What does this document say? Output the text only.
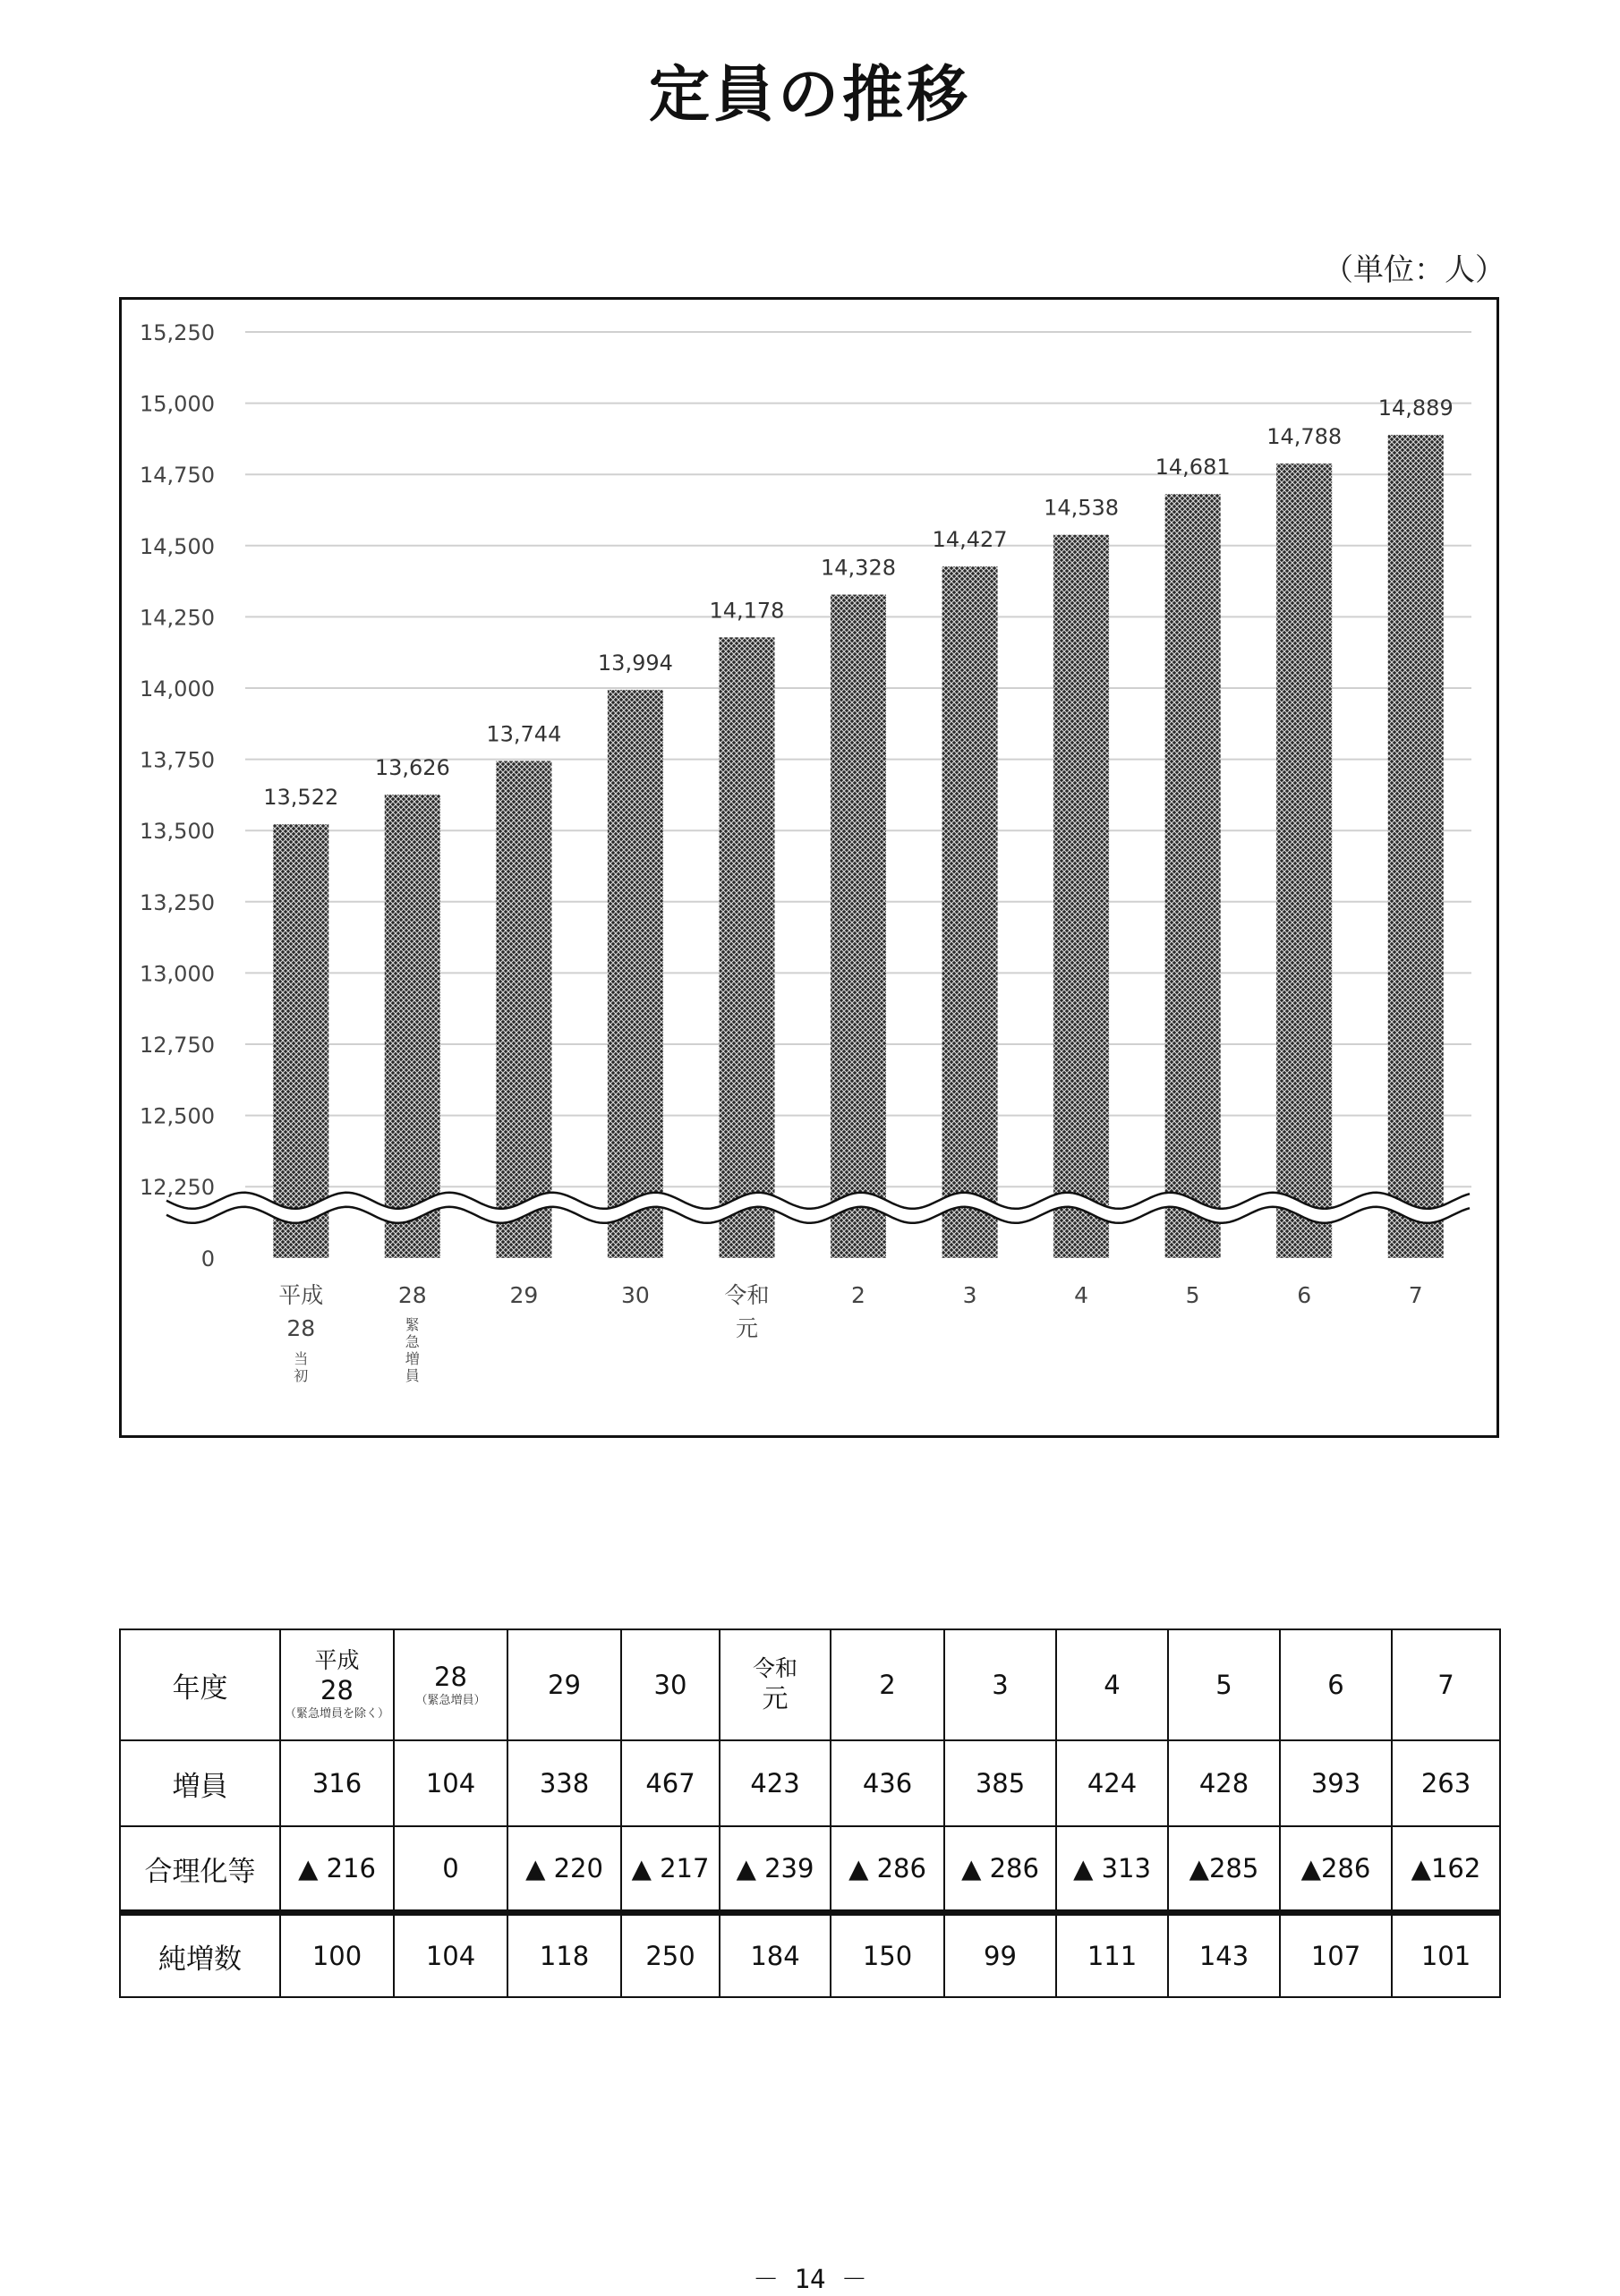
定員の推移
（単位：人）
15,250
15,000
14,750
14,500
14,250
14,000
13,750
13,500
13,250
13,000
12,750
12,500
12,250
0
13,522
13,626
13,744
13,994
14,178
14,328
14,427
14,538
14,681
14,788
14,889
平成
28
当
初
28
緊
急
増
員
29	30	令和
元
2	3	4	5	6	7
年度	平成
28
（緊急増員を除く）	28
（緊急増員）	29	30	令和
元	2	3	4	5	6	7

増員	316	104	338	467	423	436	385	424	428	393	263
合理化等	▲ 216	0	▲ 220	▲ 217	▲ 239	▲ 286	▲ 286	▲ 313	▲285	▲286	▲162
純増数	100	104	118	250	184	150	99	111	143	107	101
－ 14 －
